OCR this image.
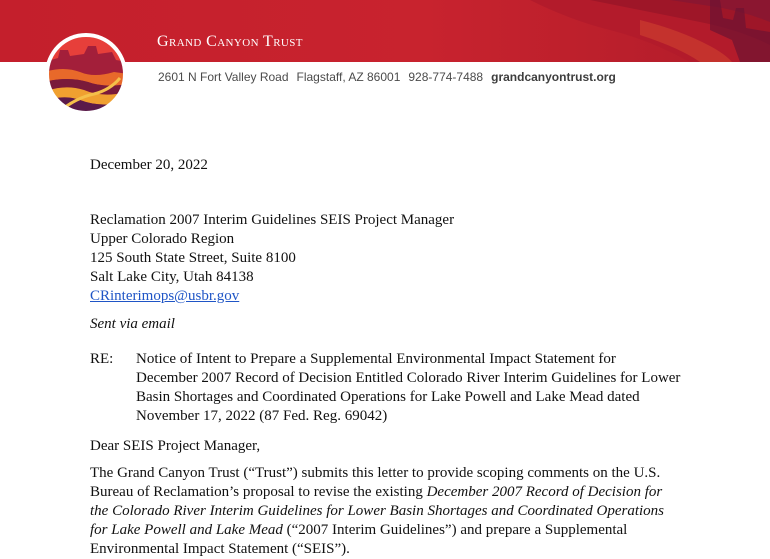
Grand Canyon Trust
2601 N Fort Valley Road Flagstaff, AZ 86001 928-774-7488 grandcanyontrust.org
December 20, 2022
Reclamation 2007 Interim Guidelines SEIS Project Manager
Upper Colorado Region
125 South State Street, Suite 8100
Salt Lake City, Utah 84138
CRinterimops@usbr.gov
Sent via email
RE: Notice of Intent to Prepare a Supplemental Environmental Impact Statement for December 2007 Record of Decision Entitled Colorado River Interim Guidelines for Lower Basin Shortages and Coordinated Operations for Lake Powell and Lake Mead dated November 17, 2022 (87 Fed. Reg. 69042)
Dear SEIS Project Manager,

The Grand Canyon Trust (“Trust”) submits this letter to provide scoping comments on the U.S. Bureau of Reclamation’s proposal to revise the existing December 2007 Record of Decision for the Colorado River Interim Guidelines for Lower Basin Shortages and Coordinated Operations for Lake Powell and Lake Mead (“2007 Interim Guidelines”) and prepare a Supplemental Environmental Impact Statement (“SEIS”).
